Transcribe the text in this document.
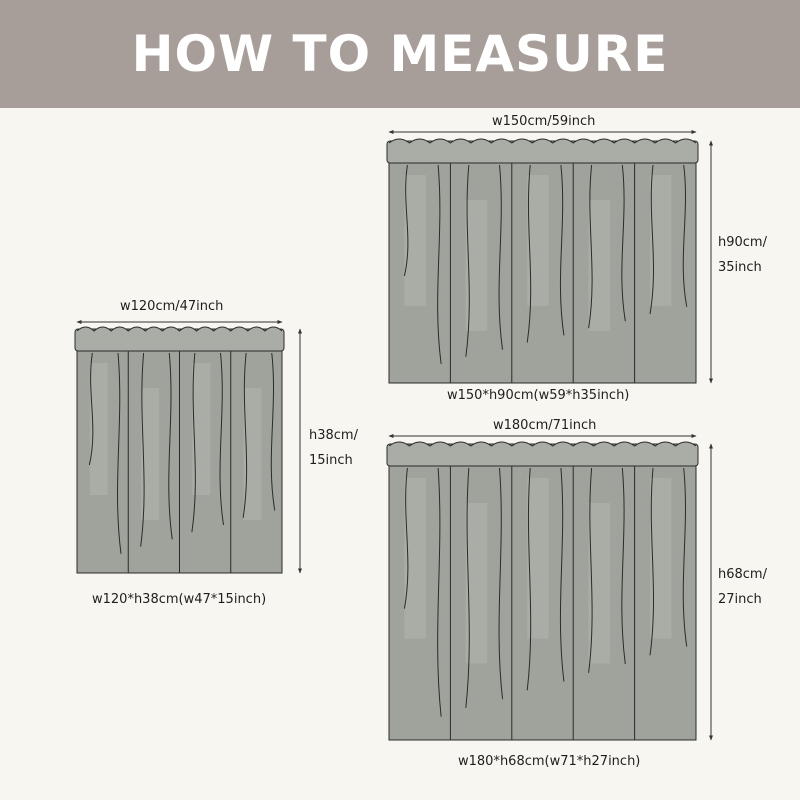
HOW TO MEASURE
w120cm/47inch
h38cm/
15inch
w120*h38cm(w47*15inch)
w150cm/59inch
h90cm/
35inch
w150*h90cm(w59*h35inch)
w180cm/71inch
h68cm/
27inch
w180*h68cm(w71*h27inch)
